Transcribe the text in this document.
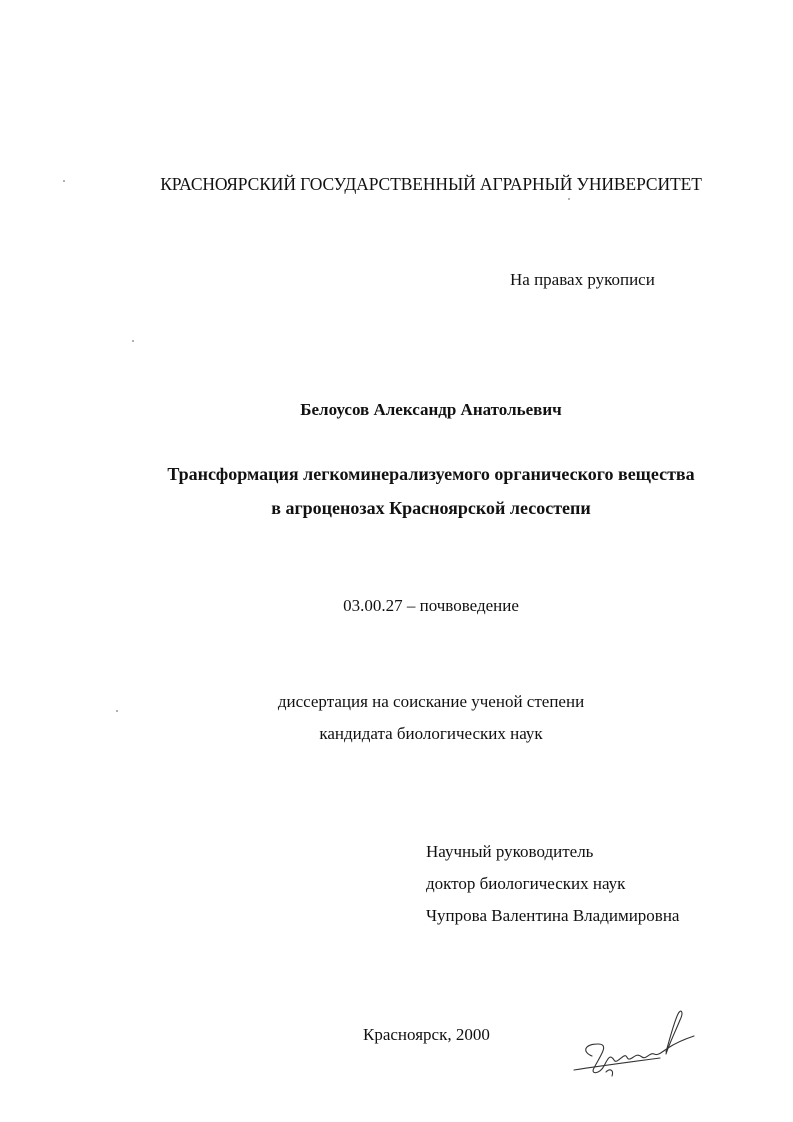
КРАСНОЯРСКИЙ ГОСУДАРСТВЕННЫЙ АГРАРНЫЙ УНИВЕРСИТЕТ
На правах рукописи
Белоусов Александр Анатольевич
Трансформация легкоминерализуемого органического вещества
в агроценозах Красноярской лесостепи
03.00.27 – почвоведение
диссертация на соискание ученой степени
кандидата биологических наук
Научный руководитель
доктор биологических наук
Чупрова Валентина Владимировна
Красноярск, 2000
